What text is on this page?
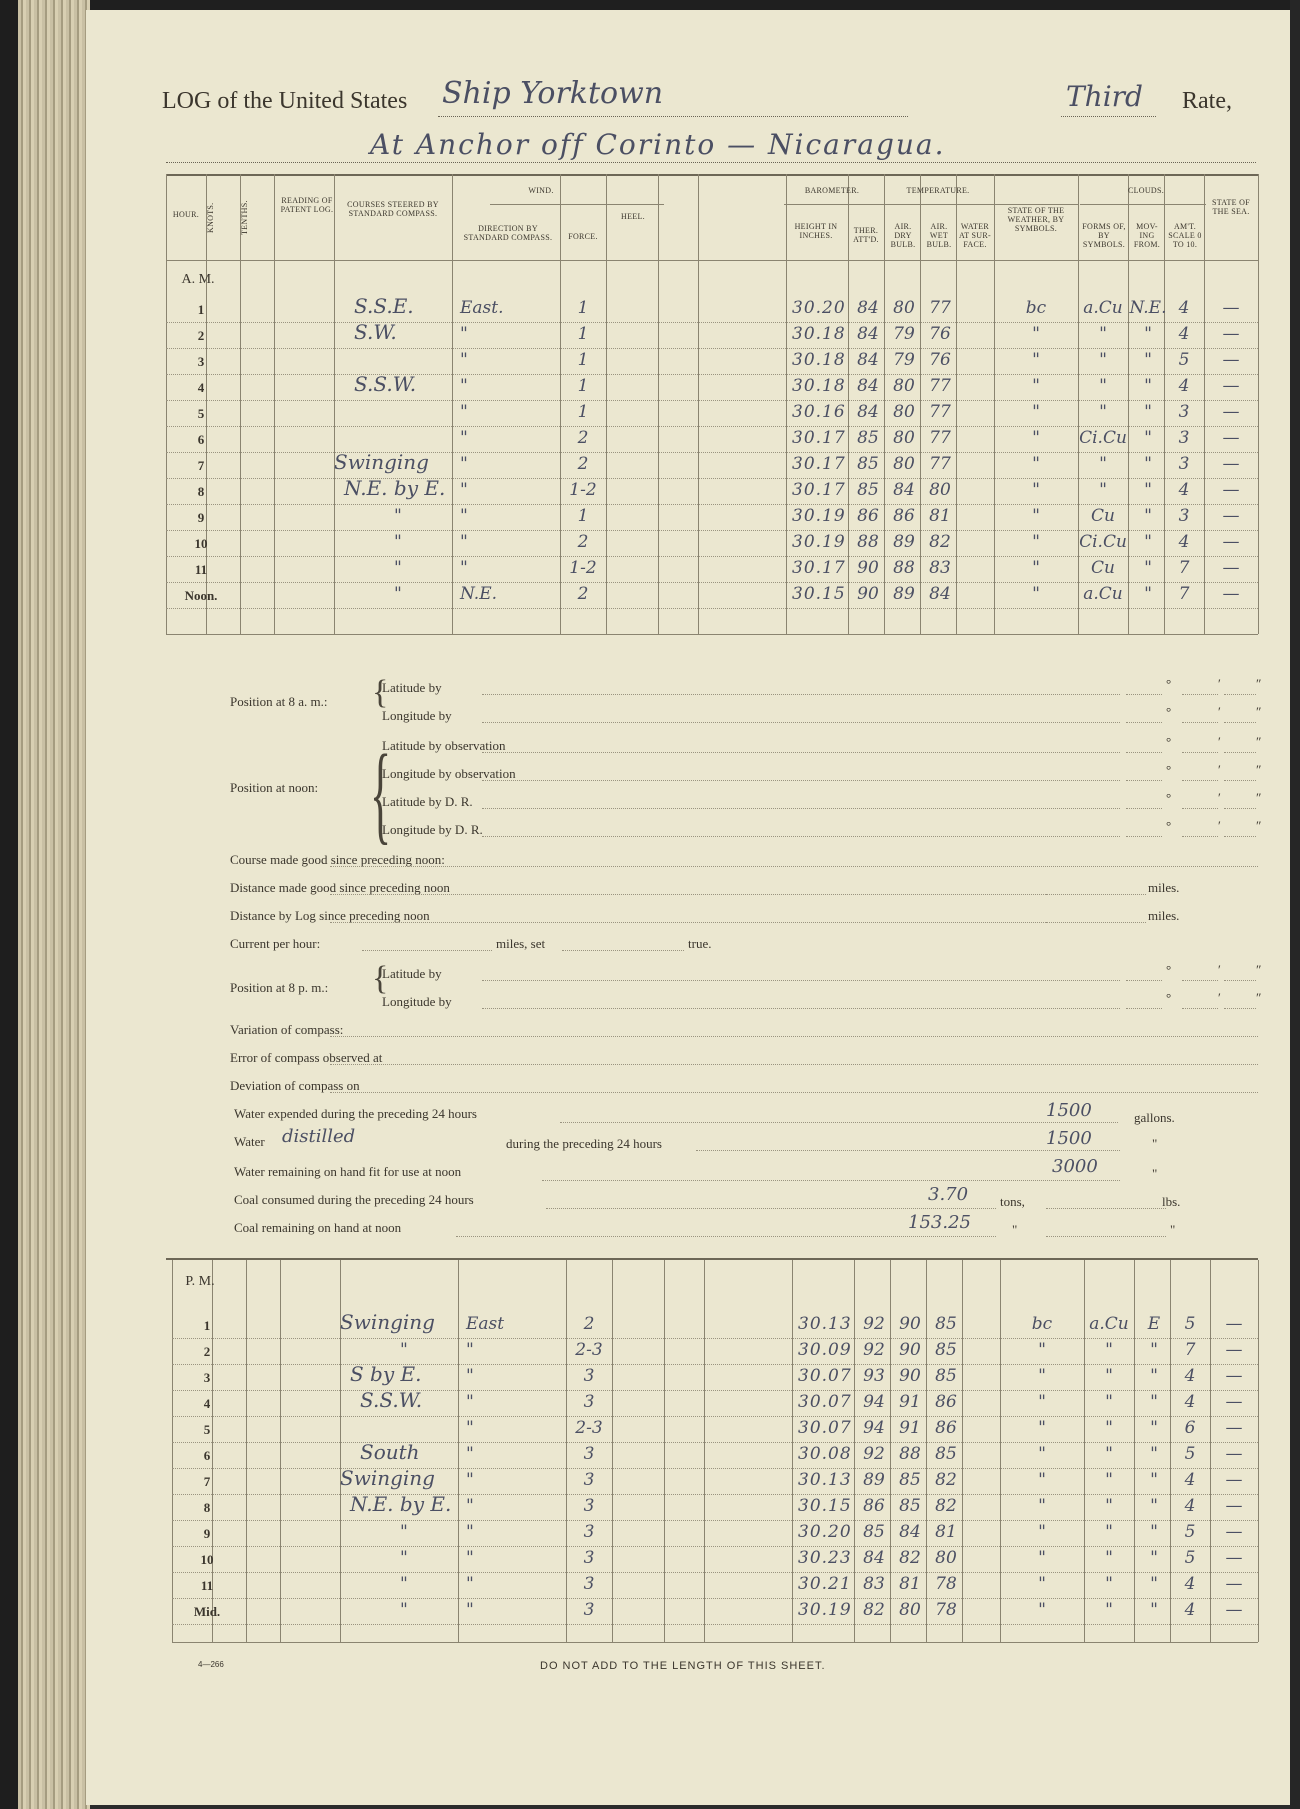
LOG of the United States Ship Yorktown	Third Rate,
At Anchor off Corinto — Nicaragua.
HOUR. KNOTS.	TENTHS.
READING OF PATENT LOG.
COURSES STEERED BY STANDARD COMPASS.
WIND.
DIRECTION BY STANDARD COMPASS.	FORCE.
HEEL.
BAROMETER.
HEIGHT IN INCHES.
THER. ATT'D.
TEMPERATURE.
AIR. DRY BULB.
AIR. WET BULB.
WATER AT SUR-FACE.
STATE OF THE WEATHER, BY SYMBOLS.
CLOUDS.
FORMS OF, BY SYMBOLS.
MOV-ING FROM.
AM'T. SCALE 0 TO 10.
STATE OF THE SEA.
A. M.
1	S.S.E.	East.	1	30.20 84 80 77	bc	a.Cu N.E. 4	—
2	S.W.	"	1	30.18 84 79 76	"	"	"	4	—
3	"	1	30.18 84 79 76	"	"	"	5	—
4	S.S.W.	"	1	30.18 84 80 77	"	"	"	4	—
5	"	1	30.16 84 80 77	"	"	"	3	—
6	"	2	30.17 85 80 77	"	Ci.Cu	"	3	—
7	Swinging	"	2	30.17 85 80 77	"	"	"	3	—
8	N.E. by E. "	1-2	30.17 85 84 80	"	"	"	4	—
9	"	"	1	30.19 86 86 81	"	Cu	"	3	—
10	"	"	2	30.19 88 89 82	"	Ci.Cu	"	4	—
11	"	"	1-2	30.17 90 88 83	"	Cu	"	7	—
Noon.	"	N.E.	2	30.15 90 89 84	"	a.Cu	"	7	—
Position at 8 a. m.: {
Latitude by	°	′	″
Longitude by	°	′	″
Position at noon: {
Latitude by observation	°	′	″
Longitude by observation	°	′	″
Latitude by D. R.	°	′	″
Longitude by D. R.	°	′	″
Course made good since preceding noon:
Distance made good since preceding noon	miles.
Distance by Log since preceding noon	miles.
Current per hour:	miles, set	true.
Position at 8 p. m.: {
Latitude by	°	′	″
Longitude by	°	′	″
Variation of compass:
Error of compass observed at
Deviation of compass on
Water expended during the preceding 24 hours	1500	gallons.
Water distilled	during the preceding 24 hours	1500	"
Water remaining on hand fit for use at noon	3000	"
Coal consumed during the preceding 24 hours	3.70 tons,	lbs.
Coal remaining on hand at noon	153.25	"	"
P. M.
1	Swinging	East	2	30.13 92 90 85	bc	a.Cu	E	5	—
2	"	"	2-3	30.09 92 90 85	"	"	"	7	—
3	S by E.	"	3	30.07 93 90 85	"	"	"	4	—
4	S.S.W.	"	3	30.07 94 91 86	"	"	"	4	—
5	"	2-3	30.07 94 91 86	"	"	"	6	—
6	South	"	3	30.08 92 88 85	"	"	"	5	—
7	Swinging	"	3	30.13 89 85 82	"	"	"	4	—
8	N.E. by E. "	3	30.15 86 85 82	"	"	"	4	—
9	"	"	3	30.20 85 84 81	"	"	"	5	—
10	"	"	3	30.23 84 82 80	"	"	"	5	—
11	"	"	3	30.21 83 81 78	"	"	"	4	—
Mid.	"	"	3	30.19 82 80 78	"	"	"	4	—
4—266	DO NOT ADD TO THE LENGTH OF THIS SHEET.
